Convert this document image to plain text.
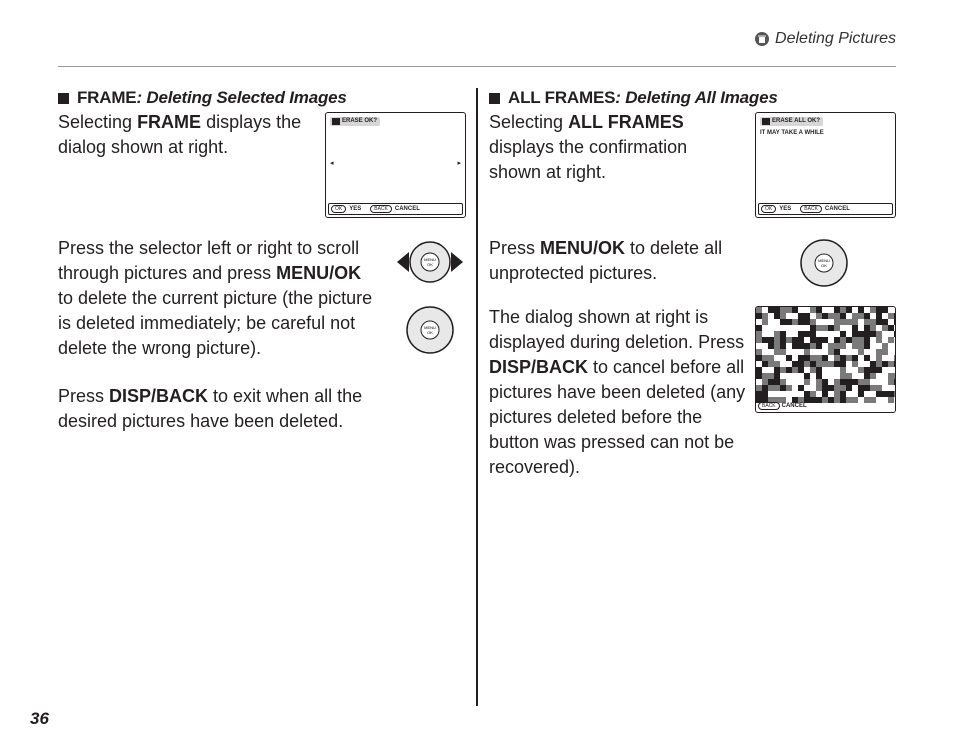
Deleting Pictures
FRAME: Deleting Selected Images
Selecting FRAME displays the dialog shown at right.
ERASE OK?
◂	▸
OK	YES	BACK	CANCEL
Press the selector left or right to scroll through pictures and press MENU/OK to delete the current picture (the picture is deleted immediately; be careful not delete the wrong picture).
MENU
OK
MENU
OK
Press DISP/BACK to exit when all the desired pictures have been deleted.
ALL FRAMES: Deleting All Images
Selecting ALL FRAMES displays the confirmation shown at right.
ERASE ALL OK?
IT MAY TAKE A WHILE
OK	YES	BACK	CANCEL
Press MENU/OK to delete all unprotected pictures.
MENU
OK
The dialog shown at right is displayed during deletion. Press DISP/BACK to cancel before all pictures have been deleted (any pictures deleted before the button was pressed can not be recovered).
BACK	CANCEL
36
